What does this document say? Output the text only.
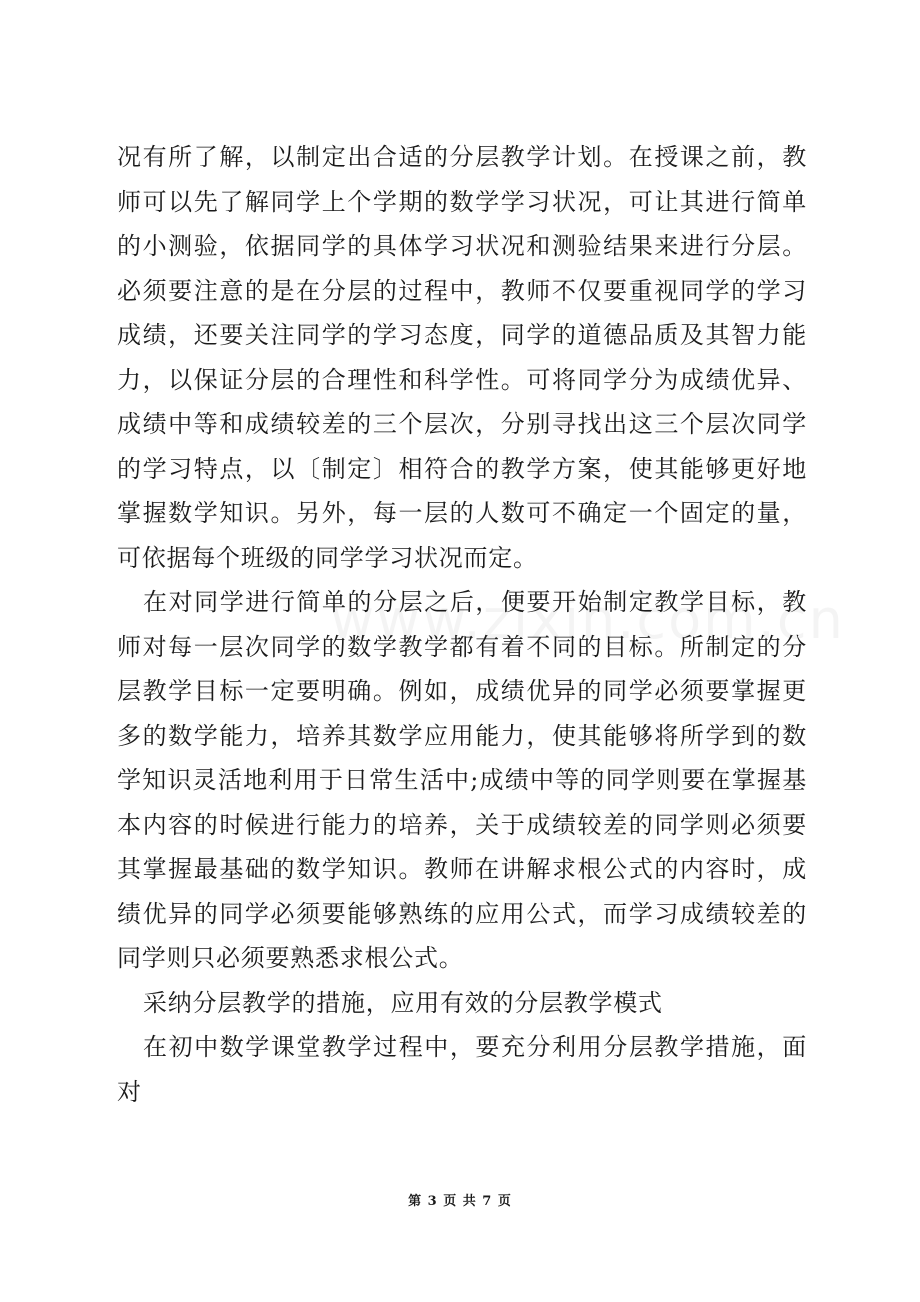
况有所了解，以制定出合适的分层教学计划。在授课之前，教师可以先了解同学上个学期的数学学习状况，可让其进行简单的小测验，依据同学的具体学习状况和测验结果来进行分层。必须要注意的是在分层的过程中，教师不仅要重视同学的学习成绩，还要关注同学的学习态度，同学的道德品质及其智力能力，以保证分层的合理性和科学性。可将同学分为成绩优异、成绩中等和成绩较差的三个层次，分别寻找出这三个层次同学的学习特点，以〔制定〕相符合的教学方案，使其能够更好地掌握数学知识。另外，每一层的人数可不确定一个固定的量，可依据每个班级的同学学习状况而定。

在对同学进行简单的分层之后，便要开始制定教学目标，教师对每一层次同学的数学教学都有着不同的目标。所制定的分层教学目标一定要明确。例如，成绩优异的同学必须要掌握更多的数学能力，培养其数学应用能力，使其能够将所学到的数学知识灵活地利用于日常生活中;成绩中等的同学则要在掌握基本内容的时候进行能力的培养，关于成绩较差的同学则必须要其掌握最基础的数学知识。教师在讲解求根公式的内容时，成绩优异的同学必须要能够熟练的应用公式，而学习成绩较差的同学则只必须要熟悉求根公式。

采纳分层教学的措施，应用有效的分层教学模式

在初中数学课堂教学过程中，要充分利用分层教学措施，面对

第 3 页 共 7 页
